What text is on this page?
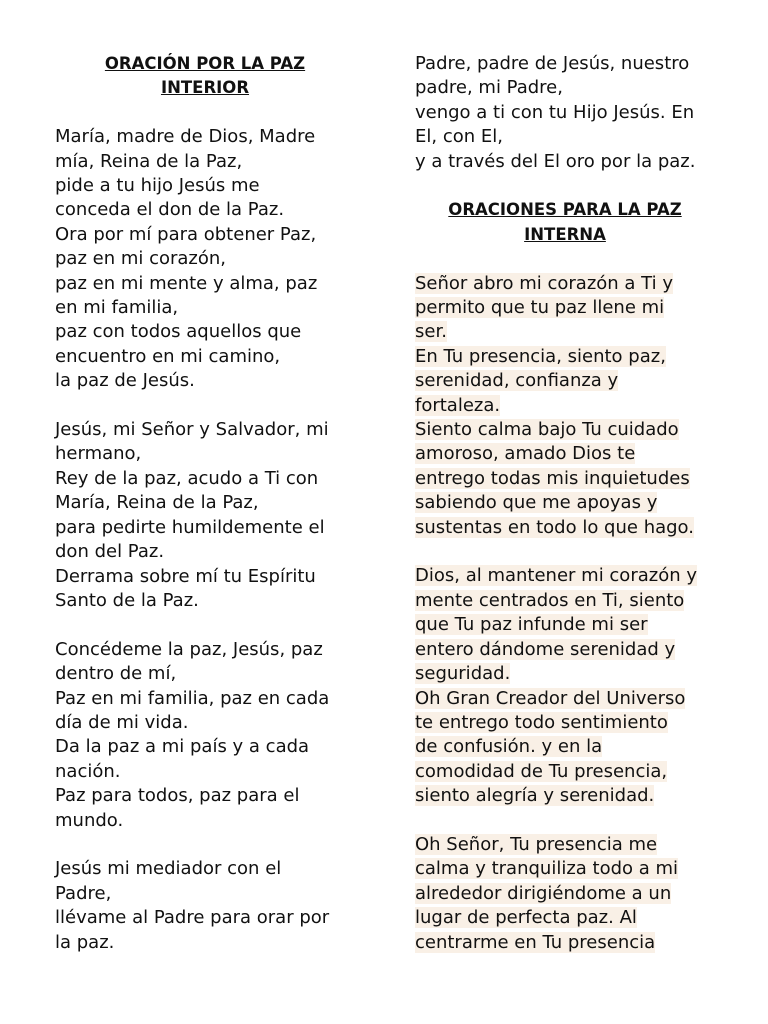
ORACIÓN POR LA PAZ
INTERIOR
María, madre de Dios, Madre
mía, Reina de la Paz,
pide a tu hijo Jesús me
conceda el don de la Paz.
Ora por mí para obtener Paz,
paz en mi corazón,
paz en mi mente y alma, paz
en mi familia,
paz con todos aquellos que
encuentro en mi camino,
la paz de Jesús.
Jesús, mi Señor y Salvador, mi
hermano,
Rey de la paz, acudo a Ti con
María, Reina de la Paz,
para pedirte humildemente el
don del Paz.
Derrama sobre mí tu Espíritu
Santo de la Paz.
Concédeme la paz, Jesús, paz
dentro de mí,
Paz en mi familia, paz en cada
día de mi vida.
Da la paz a mi país y a cada
nación.
Paz para todos, paz para el
mundo.
Jesús mi mediador con el
Padre,
llévame al Padre para orar por
la paz.
Padre, padre de Jesús, nuestro
padre, mi Padre,
vengo a ti con tu Hijo Jesús. En
El, con El,
y a través del El oro por la paz.
ORACIONES PARA LA PAZ
INTERNA
Señor abro mi corazón a Ti y
permito que tu paz llene mi
ser.
En Tu presencia, siento paz,
serenidad, confianza y
fortaleza.
Siento calma bajo Tu cuidado
amoroso, amado Dios te
entrego todas mis inquietudes
sabiendo que me apoyas y
sustentas en todo lo que hago.
Dios, al mantener mi corazón y
mente centrados en Ti, siento
que Tu paz infunde mi ser
entero dándome serenidad y
seguridad.
Oh Gran Creador del Universo
te entrego todo sentimiento
de confusión. y en la
comodidad de Tu presencia,
siento alegría y serenidad.
Oh Señor, Tu presencia me
calma y tranquiliza todo a mi
alrededor dirigiéndome a un
lugar de perfecta paz. Al
centrarme en Tu presencia
